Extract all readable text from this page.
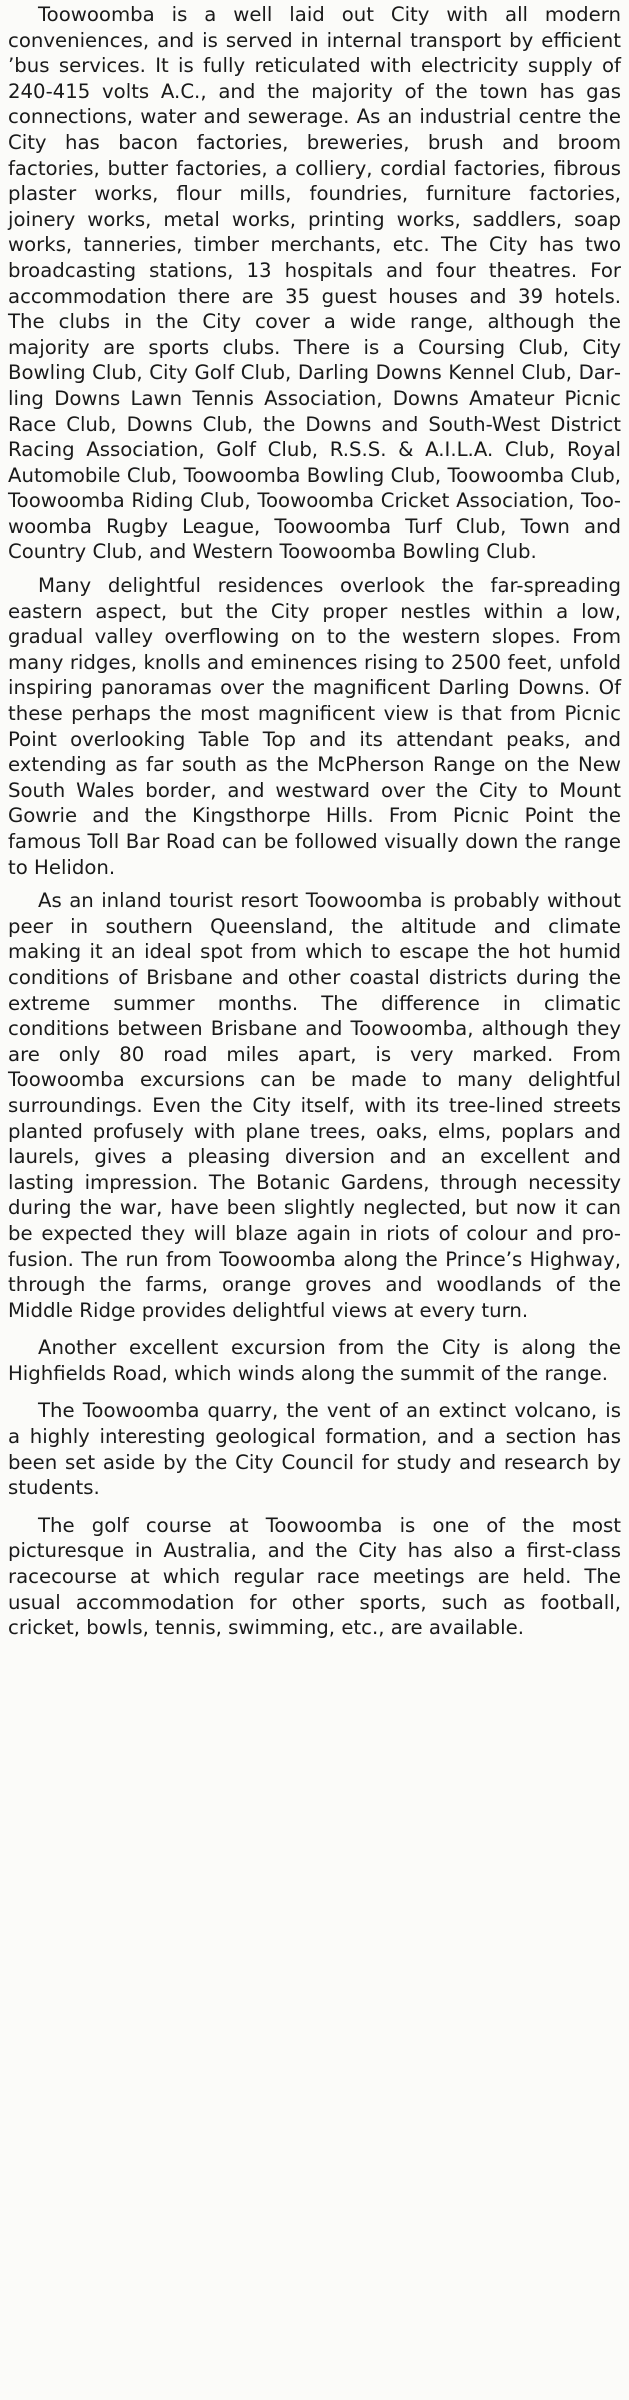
Toowoomba is a well laid out City with all modern conveniences, and is served in internal transport by efficient ’bus services. It is fully reticulated with electricity supply of 240-415 volts A.C., and the majority of the town has gas connections, water and sewerage. As an industrial centre the City has bacon factories, breweries, brush and broom factories, butter factories, a colliery, cordial factories, fibrous plaster works, flour mills, foundries, furniture factories, joinery works, metal works, printing works, saddlers, soap works, tanneries, timber merchants, etc. The City has two broadcasting stations, 13 hospitals and four theatres. For accommodation there are 35 guest houses and 39 hotels. The clubs in the City cover a wide range, although the majority are sports clubs. There is a Coursing Club, City Bowling Club, City Golf Club, Darling Downs Kennel Club, Darling Downs Lawn Tennis Association, Downs Amateur Picnic Race Club, Downs Club, the Downs and South-West District Racing Association, Golf Club, R.S.S. & A.I.L.A. Club, Royal Automobile Club, Toowoomba Bowling Club, Toowoomba Club, Toowoomba Riding Club, Toowoomba Cricket Association, Toowoomba Rugby League, Toowoomba Turf Club, Town and Country Club, and Western Toowoomba Bowling Club.

Many delightful residences overlook the far-spreading eastern aspect, but the City proper nestles within a low, gradual valley overflowing on to the western slopes. From many ridges, knolls and eminences rising to 2500 feet, unfold inspiring panoramas over the magnificent Darling Downs. Of these perhaps the most magnificent view is that from Picnic Point overlooking Table Top and its attendant peaks, and extending as far south as the McPherson Range on the New South Wales border, and westward over the City to Mount Gowrie and the Kingsthorpe Hills. From Picnic Point the famous Toll Bar Road can be followed visually down the range to Helidon.

As an inland tourist resort Toowoomba is probably without peer in southern Queensland, the altitude and climate making it an ideal spot from which to escape the hot humid conditions of Brisbane and other coastal districts during the extreme summer months. The difference in climatic conditions between Brisbane and Toowoomba, although they are only 80 road miles apart, is very marked. From Toowoomba excursions can be made to many delightful surroundings. Even the City itself, with its tree-lined streets planted profusely with plane trees, oaks, elms, poplars and laurels, gives a pleasing diversion and an excellent and lasting impression. The Botanic Gardens, through necessity during the war, have been slightly neglected, but now it can be expected they will blaze again in riots of colour and profusion. The run from Toowoomba along the Prince’s Highway, through the farms, orange groves and woodlands of the Middle Ridge provides delightful views at every turn.

Another excellent excursion from the City is along the Highfields Road, which winds along the summit of the range.

The Toowoomba quarry, the vent of an extinct volcano, is a highly interesting geological formation, and a section has been set aside by the City Council for study and research by students.

The golf course at Toowoomba is one of the most picturesque in Australia, and the City has also a first-class racecourse at which regular race meetings are held. The usual accommodation for other sports, such as football, cricket, bowls, tennis, swimming, etc., are available.
